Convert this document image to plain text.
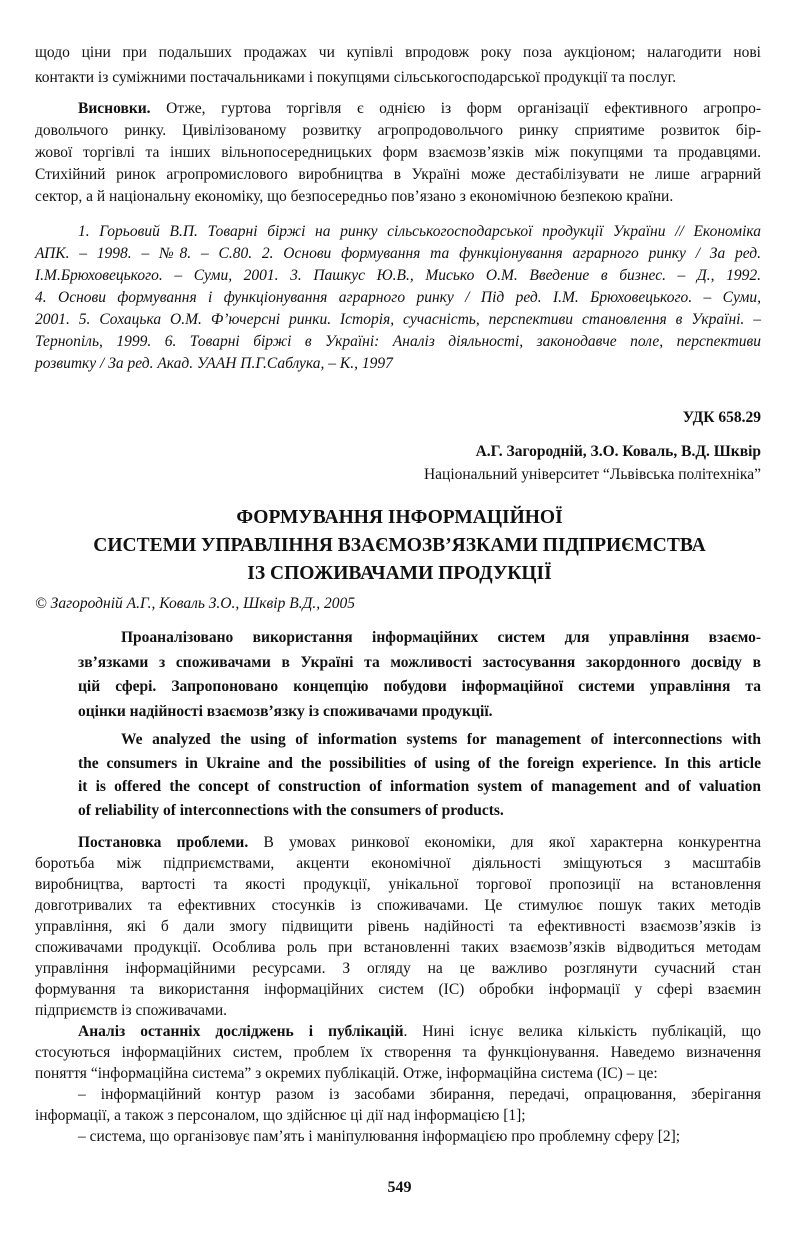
щодо ціни при подальших продажах чи купівлі впродовж року поза аукціоном; налагодити нові
контакти із суміжними постачальниками і покупцями сільськогосподарської продукції та послуг.
Висновки. Отже, гуртова торгівля є однією із форм організації ефективного агропро-
довольчого ринку. Цивілізованому розвитку агропродовольчого ринку сприятиме розвиток бір-
жової торгівлі та інших вільнопосередницьких форм взаємозв’язків між покупцями та продавцями.
Стихійний ринок агропромислового виробництва в Україні може дестабілізувати не лише аграрний
сектор, а й національну економіку, що безпосередньо пов’язано з економічною безпекою країни.
1. Горьовий В.П. Товарні біржі на ринку сільськогосподарської продукції України // Економіка
АПК. – 1998. – №8. – С.80. 2. Основи формування та функціонування аграрного ринку / За ред.
І.М.Брюховецького. – Суми, 2001. 3. Пашкус Ю.В., Мисько О.М. Введение в бизнес. – Д., 1992.
4. Основи формування і функціонування аграрного ринку / Під ред. І.М. Брюховецького. – Суми,
2001. 5. Сохацька О.М. Ф’ючерсні ринки. Історія, сучасність, перспективи становлення в Україні. –
Тернопіль, 1999. 6. Товарні біржі в Україні: Аналіз діяльності, законодавче поле, перспективи
розвитку / За ред. Акад. УААН П.Г.Саблука, – К., 1997
УДК 658.29
А.Г. Загородній, З.О. Коваль, В.Д. Шквір
Національний університет “Львівська політехніка”
ФОРМУВАННЯ ІНФОРМАЦІЙНОЇ
СИСТЕМИ УПРАВЛІННЯ ВЗАЄМОЗВ’ЯЗКАМИ ПІДПРИЄМСТВА
ІЗ СПОЖИВАЧАМИ ПРОДУКЦІЇ
© Загородній А.Г., Коваль З.О., Шквір В.Д., 2005
Проаналізовано використання інформаційних систем для управління взаємо-
зв’язками з споживачами в Україні та можливості застосування закордонного досвіду в
цій сфері. Запропоновано концепцію побудови інформаційної системи управління та
оцінки надійності взаємозв’язку із споживачами продукції.
We analyzed the using of information systems for management of interconnections with
the consumers in Ukraine and the possibilities of using of the foreign experience. In this article
it is offered the concept of construction of information system of management and of valuation
of reliability of interconnections with the consumers of products.
Постановка проблеми. В умовах ринкової економіки, для якої характерна конкурентна
боротьба між підприємствами, акценти економічної діяльності зміщуються з масштабів
виробництва, вартості та якості продукції, унікальної торгової пропозиції на встановлення
довготривалих та ефективних стосунків із споживачами. Це стимулює пошук таких методів
управління, які б дали змогу підвищити рівень надійності та ефективності взаємозв’язків із
споживачами продукції. Особлива роль при встановленні таких взаємозв’язків відводиться методам
управління інформаційними ресурсами. З огляду на це важливо розглянути сучасний стан
формування та використання інформаційних систем (ІС) обробки інформації у сфері взаємин
підприємств із споживачами.
Аналіз останніх досліджень і публікацій. Нині існує велика кількість публікацій, що
стосуються інформаційних систем, проблем їх створення та функціонування. Наведемо визначення
поняття “інформаційна система” з окремих публікацій. Отже, інформаційна система (ІС) – це:
– інформаційний контур разом із засобами збирання, передачі, опрацювання, зберігання
інформації, а також з персоналом, що здійснює ці дії над інформацією [1];
– система, що організовує пам’ять і маніпулювання інформацією про проблемну сферу [2];
549
